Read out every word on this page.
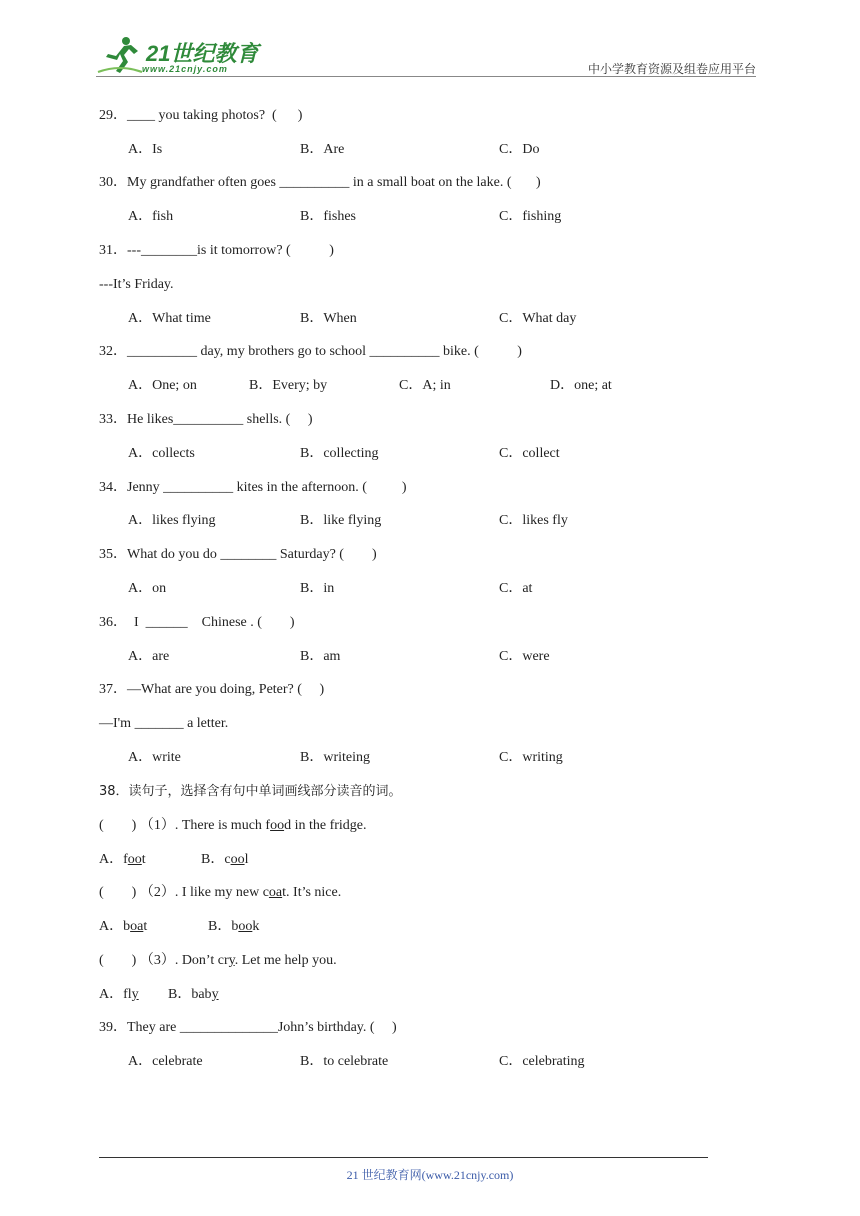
21世纪教育
www.21cnjy.com	中小学教育资源及组卷应用平台
29．____ you taking photos?  (      )
A．Is	B．Are	C．Do
30．My grandfather often goes __________ in a small boat on the lake. (       )
A．fish	B．fishes	C．fishing
31．---________is it tomorrow? (           )
---It’s Friday.
A．What time	B．When	C．What day
32．__________ day, my brothers go to school __________ bike. (           )
A．One; on	B．Every; by	C．A; in	D．one; at
33．He likes__________ shells. (     )
A．collects	B．collecting	C．collect
34．Jenny __________ kites in the afternoon. (          )
A．likes flying	B．like flying	C．likes fly
35．What do you do ________ Saturday? (        )
A．on	B．in	C．at
36．  I  ______    Chinese . (        )
A．are	B．am	C．were
37．—What are you doing, Peter? (     )
—I'm _______ a letter.
A．write	B．writeing	C．writing
38．读句子，选择含有句中单词画线部分读音的词。
(        ) （1）. There is much food in the fridge.
A．foot	B．cool
(        ) （2）. I like my new coat. It’s nice.
A．boat	B．book
(        ) （3）. Don’t cry. Let me help you.
A．fly B．baby
39．They are ______________John’s birthday. (     )
A．celebrate	B．to celebrate	C．celebrating
21 世纪教育网(www.21cnjy.com)
